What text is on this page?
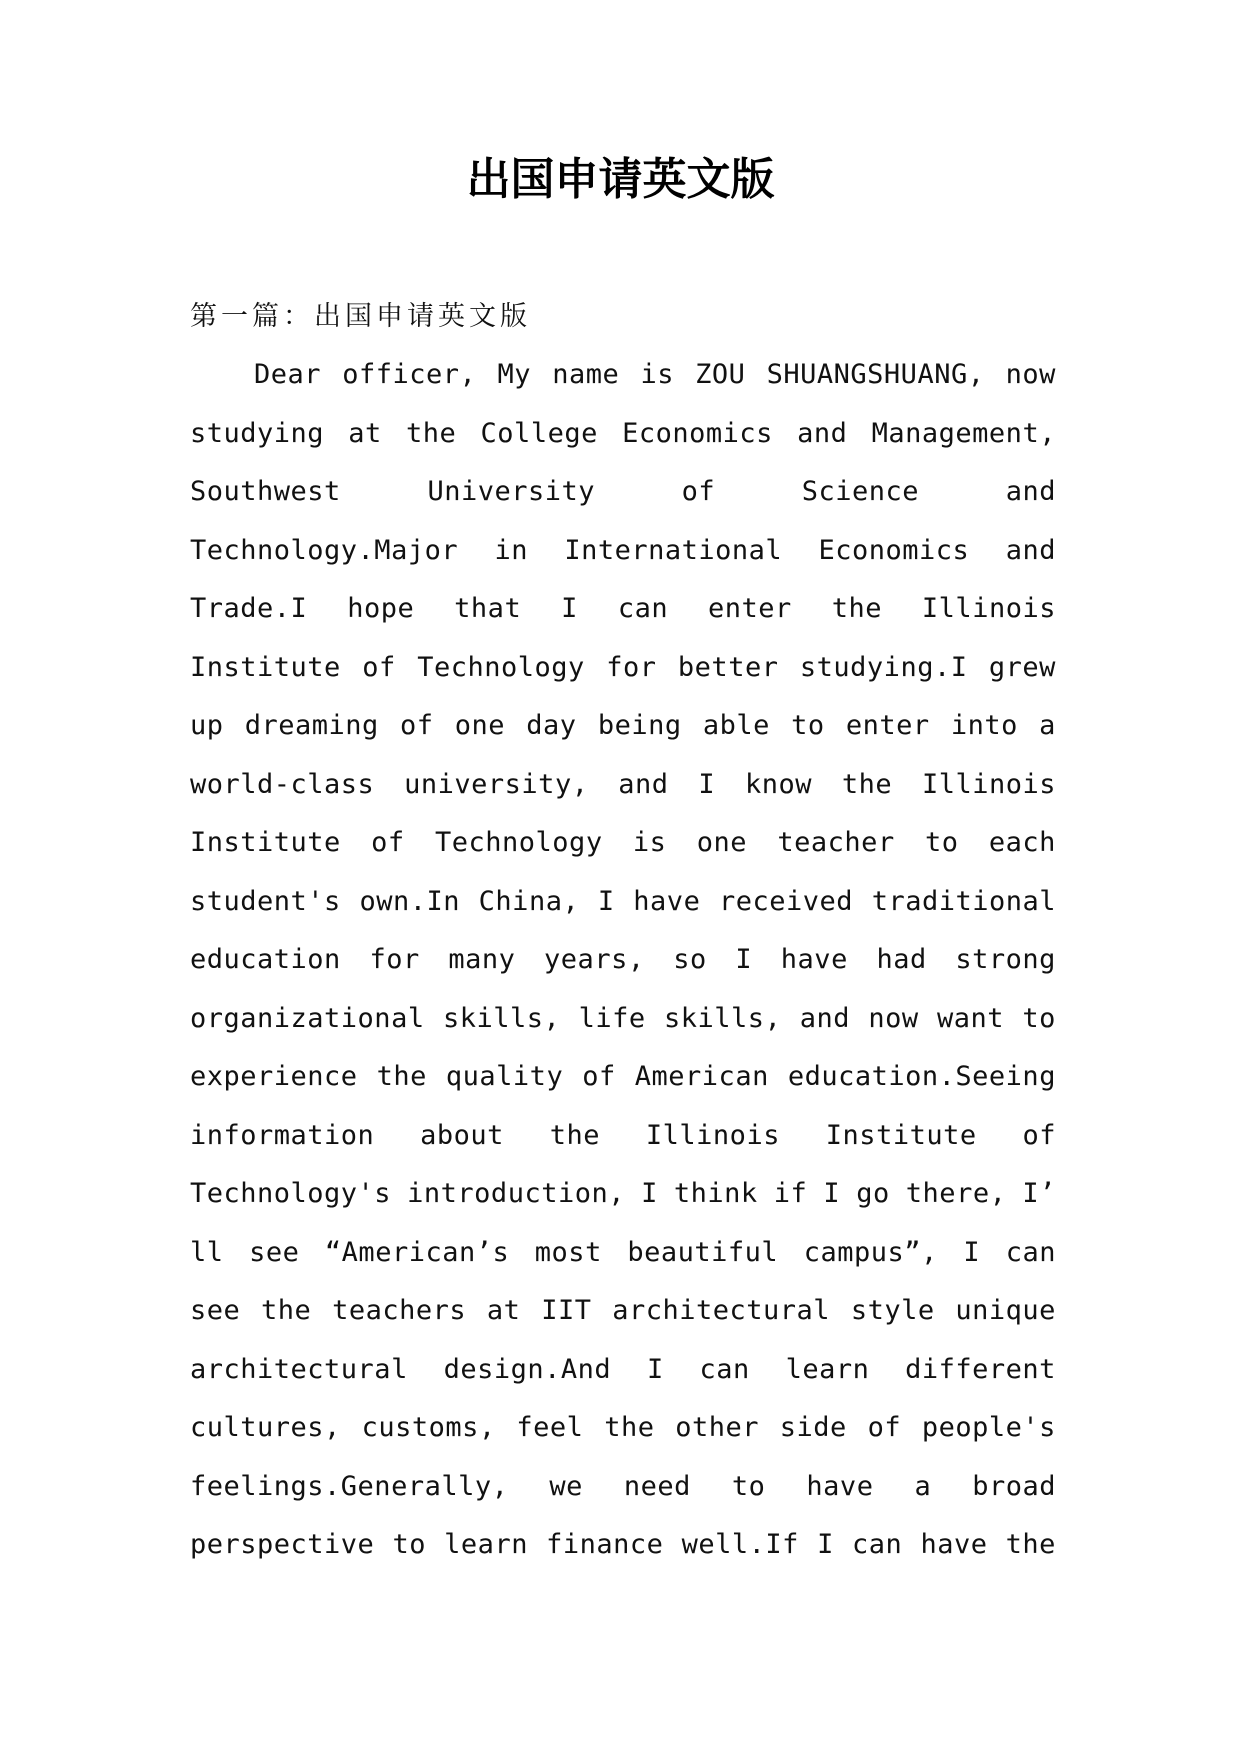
出国申请英文版
第一篇：出国申请英文版
Dear officer, My name is ZOU SHUANGSHUANG, now
studying at the College Economics and Management,
Southwest	University	of	Science	and
Technology.Major in International Economics and
Trade.I hope that I can enter the Illinois
Institute of Technology for better studying.I grew
up dreaming of one day being able to enter into a
world-class university, and I know the Illinois
Institute of Technology is one teacher to each
student's own.In China, I have received traditional
education for many years, so I have had strong
organizational skills, life skills, and now want to
experience the quality of American education.Seeing
information about the Illinois Institute of
Technology's introduction, I think if I go there, I’
ll see “American’s most beautiful campus”, I can
see the teachers at IIT architectural style unique
architectural design.And I can learn different
cultures, customs, feel the other side of people's
feelings.Generally, we need to have a broad
perspective to learn finance well.If I can have the
